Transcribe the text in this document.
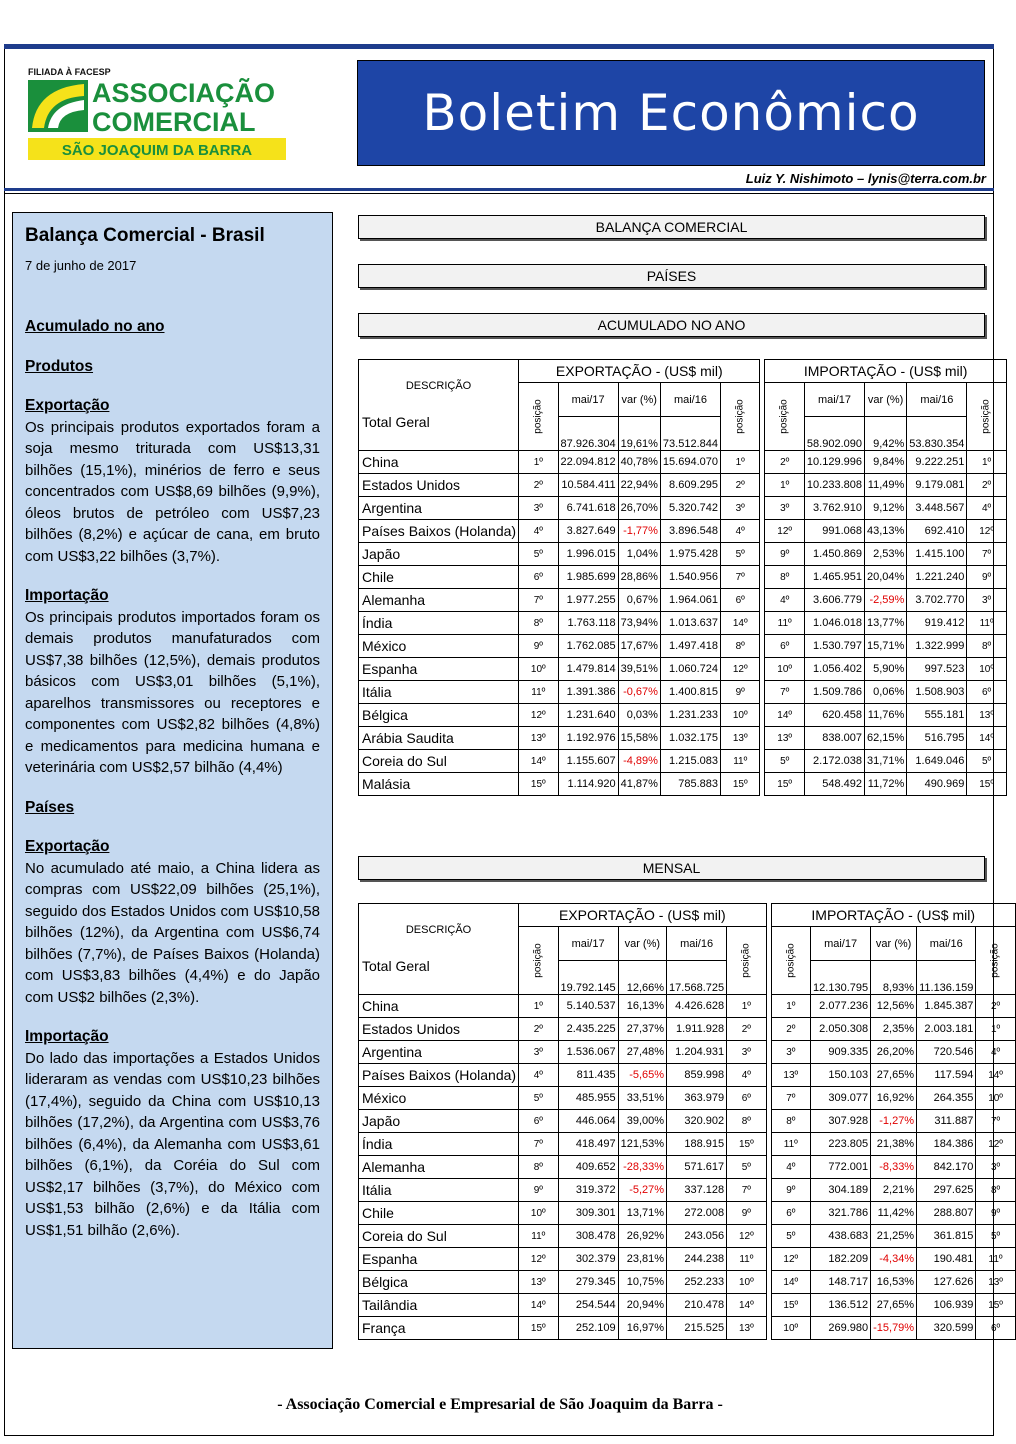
FILIADA À FACESP
ASSOCIAÇÃO
COMERCIAL
SÃO JOAQUIM DA BARRA
Boletim Econômico
Luiz Y. Nishimoto – lynis@terra.com.br
Balança Comercial - Brasil
7 de junho de 2017
Acumulado no ano
Produtos
Exportação

Os principais produtos exportados foram a soja mesmo triturada com US$13,31 bilhões (15,1%), minérios de ferro e seus concentrados com US$8,69 bilhões (9,9%), óleos brutos de petróleo com US$7,23 bilhões (8,2%) e açúcar de cana, em bruto com US$3,22 bilhões (3,7%).

Importação

Os principais produtos importados foram os demais produtos manufaturados com US$7,38 bilhões (12,5%), demais produtos básicos com US$3,01 bilhões (5,1%), aparelhos transmissores ou receptores e componentes com US$2,82 bilhões (4,8%) e medicamentos para medicina humana e veterinária com US$2,57 bilhão (4,4%)

Países
Exportação

No acumulado até maio, a China lidera as compras com US$22,09 bilhões (25,1%), seguido dos Estados Unidos com US$10,58 bilhões (12%), da Argentina com US$6,74 bilhões (7,7%), de Países Baixos (Holanda) com US$3,83 bilhões (4,4%) e do Japão com US$2 bilhões (2,3%).

Importação

Do lado das importações a Estados Unidos lideraram as vendas com US$10,23 bilhões (17,4%), seguido da China com US$10,13 bilhões (17,2%), da Argentina com US$3,76 bilhões (6,4%), da Alemanha com US$3,61 bilhões (6,1%), da Coréia do Sul com US$2,17 bilhões (3,7%), do México com US$1,53 bilhão (2,6%) e da Itália com US$1,51 bilhão (2,6%).

BALANÇA COMERCIAL
PAÍSES
ACUMULADO NO ANO
MENSAL
DESCRIÇÃO
Total Geral	EXPORTAÇÃO - (US$ mil)						IMPORTAÇÃO - (US$ mil)				

	posição	mai/17	var (%)	mai/16	posição		posição	mai/17	var (%)	mai/16	posição

		87.926.304	19,61%	73.512.844				58.902.090	9,42%	53.830.354	
China	1º	22.094.812	40,78%	15.694.070	1º		2º	10.129.996	9,84%	9.222.251	1º
Estados Unidos	2º	10.584.411	22,94%	8.609.295	2º		1º	10.233.808	11,49%	9.179.081	2º
Argentina	3º	6.741.618	26,70%	5.320.742	3º		3º	3.762.910	9,12%	3.448.567	4º
Países Baixos (Holanda)	4º	3.827.649	-1,77%	3.896.548	4º		12º	991.068	43,13%	692.410	12º
Japão	5º	1.996.015	1,04%	1.975.428	5º		9º	1.450.869	2,53%	1.415.100	7º
Chile	6º	1.985.699	28,86%	1.540.956	7º		8º	1.465.951	20,04%	1.221.240	9º
Alemanha	7º	1.977.255	0,67%	1.964.061	6º		4º	3.606.779	-2,59%	3.702.770	3º
Índia	8º	1.763.118	73,94%	1.013.637	14º		11º	1.046.018	13,77%	919.412	11º
México	9º	1.762.085	17,67%	1.497.418	8º		6º	1.530.797	15,71%	1.322.999	8º
Espanha	10º	1.479.814	39,51%	1.060.724	12º		10º	1.056.402	5,90%	997.523	10º
Itália	11º	1.391.386	-0,67%	1.400.815	9º		7º	1.509.786	0,06%	1.508.903	6º
Bélgica	12º	1.231.640	0,03%	1.231.233	10º		14º	620.458	11,76%	555.181	13º
Arábia Saudita	13º	1.192.976	15,58%	1.032.175	13º		13º	838.007	62,15%	516.795	14º
Coreia do Sul	14º	1.155.607	-4,89%	1.215.083	11º		5º	2.172.038	31,71%	1.649.046	5º
Malásia	15º	1.114.920	41,87%	785.883	15º		15º	548.492	11,72%	490.969	15º
DESCRIÇÃO
Total Geral	EXPORTAÇÃO - (US$ mil)						IMPORTAÇÃO - (US$ mil)				

	posição	mai/17	var (%)	mai/16	posição		posição	mai/17	var (%)	mai/16	posição

		19.792.145	12,66%	17.568.725				12.130.795	8,93%	11.136.159	
China	1º	5.140.537	16,13%	4.426.628	1º		1º	2.077.236	12,56%	1.845.387	2º
Estados Unidos	2º	2.435.225	27,37%	1.911.928	2º		2º	2.050.308	2,35%	2.003.181	1º
Argentina	3º	1.536.067	27,48%	1.204.931	3º		3º	909.335	26,20%	720.546	4º
Países Baixos (Holanda)	4º	811.435	-5,65%	859.998	4º		13º	150.103	27,65%	117.594	14º
México	5º	485.955	33,51%	363.979	6º		7º	309.077	16,92%	264.355	10º
Japão	6º	446.064	39,00%	320.902	8º		8º	307.928	-1,27%	311.887	7º
Índia	7º	418.497	121,53%	188.915	15º		11º	223.805	21,38%	184.386	12º
Alemanha	8º	409.652	-28,33%	571.617	5º		4º	772.001	-8,33%	842.170	3º
Itália	9º	319.372	-5,27%	337.128	7º		9º	304.189	2,21%	297.625	8º
Chile	10º	309.301	13,71%	272.008	9º		6º	321.786	11,42%	288.807	9º
Coreia do Sul	11º	308.478	26,92%	243.056	12º		5º	438.683	21,25%	361.815	5º
Espanha	12º	302.379	23,81%	244.238	11º		12º	182.209	-4,34%	190.481	11º
Bélgica	13º	279.345	10,75%	252.233	10º		14º	148.717	16,53%	127.626	13º
Tailândia	14º	254.544	20,94%	210.478	14º		15º	136.512	27,65%	106.939	15º
França	15º	252.109	16,97%	215.525	13º		10º	269.980	-15,79%	320.599	6º
- Associação Comercial e Empresarial de São Joaquim da Barra -
